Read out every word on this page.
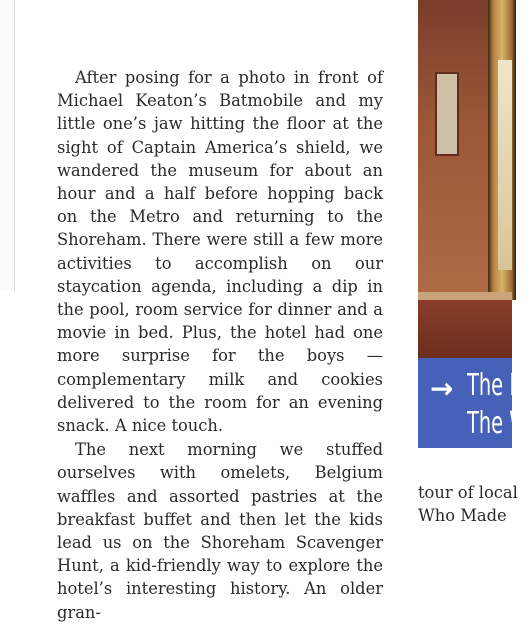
After posing for a photo in front of Michael Keaton’s Batmobile and my little one’s jaw hitting the floor at the sight of Captain America’s shield, we wandered the museum for about an hour and a half before hopping back on the Metro and returning to the Shoreham. There were still a few more activities to accomplish on our staycation agenda, including a dip in the pool, room service for dinner and a movie in bed. Plus, the hotel had one more surprise for the boys — complementary milk and cookies delivered to the room for an evening snack. A nice touch.

The next morning we stuffed ourselves with omelets, Belgium waffles and assorted pastries at the breakfast buffet and then let the kids lead us on the Shoreham Scavenger Hunt, a kid-friendly way to explore the hotel’s interesting history. An older gran-

→ The H
The W
tour of local
Who Made
